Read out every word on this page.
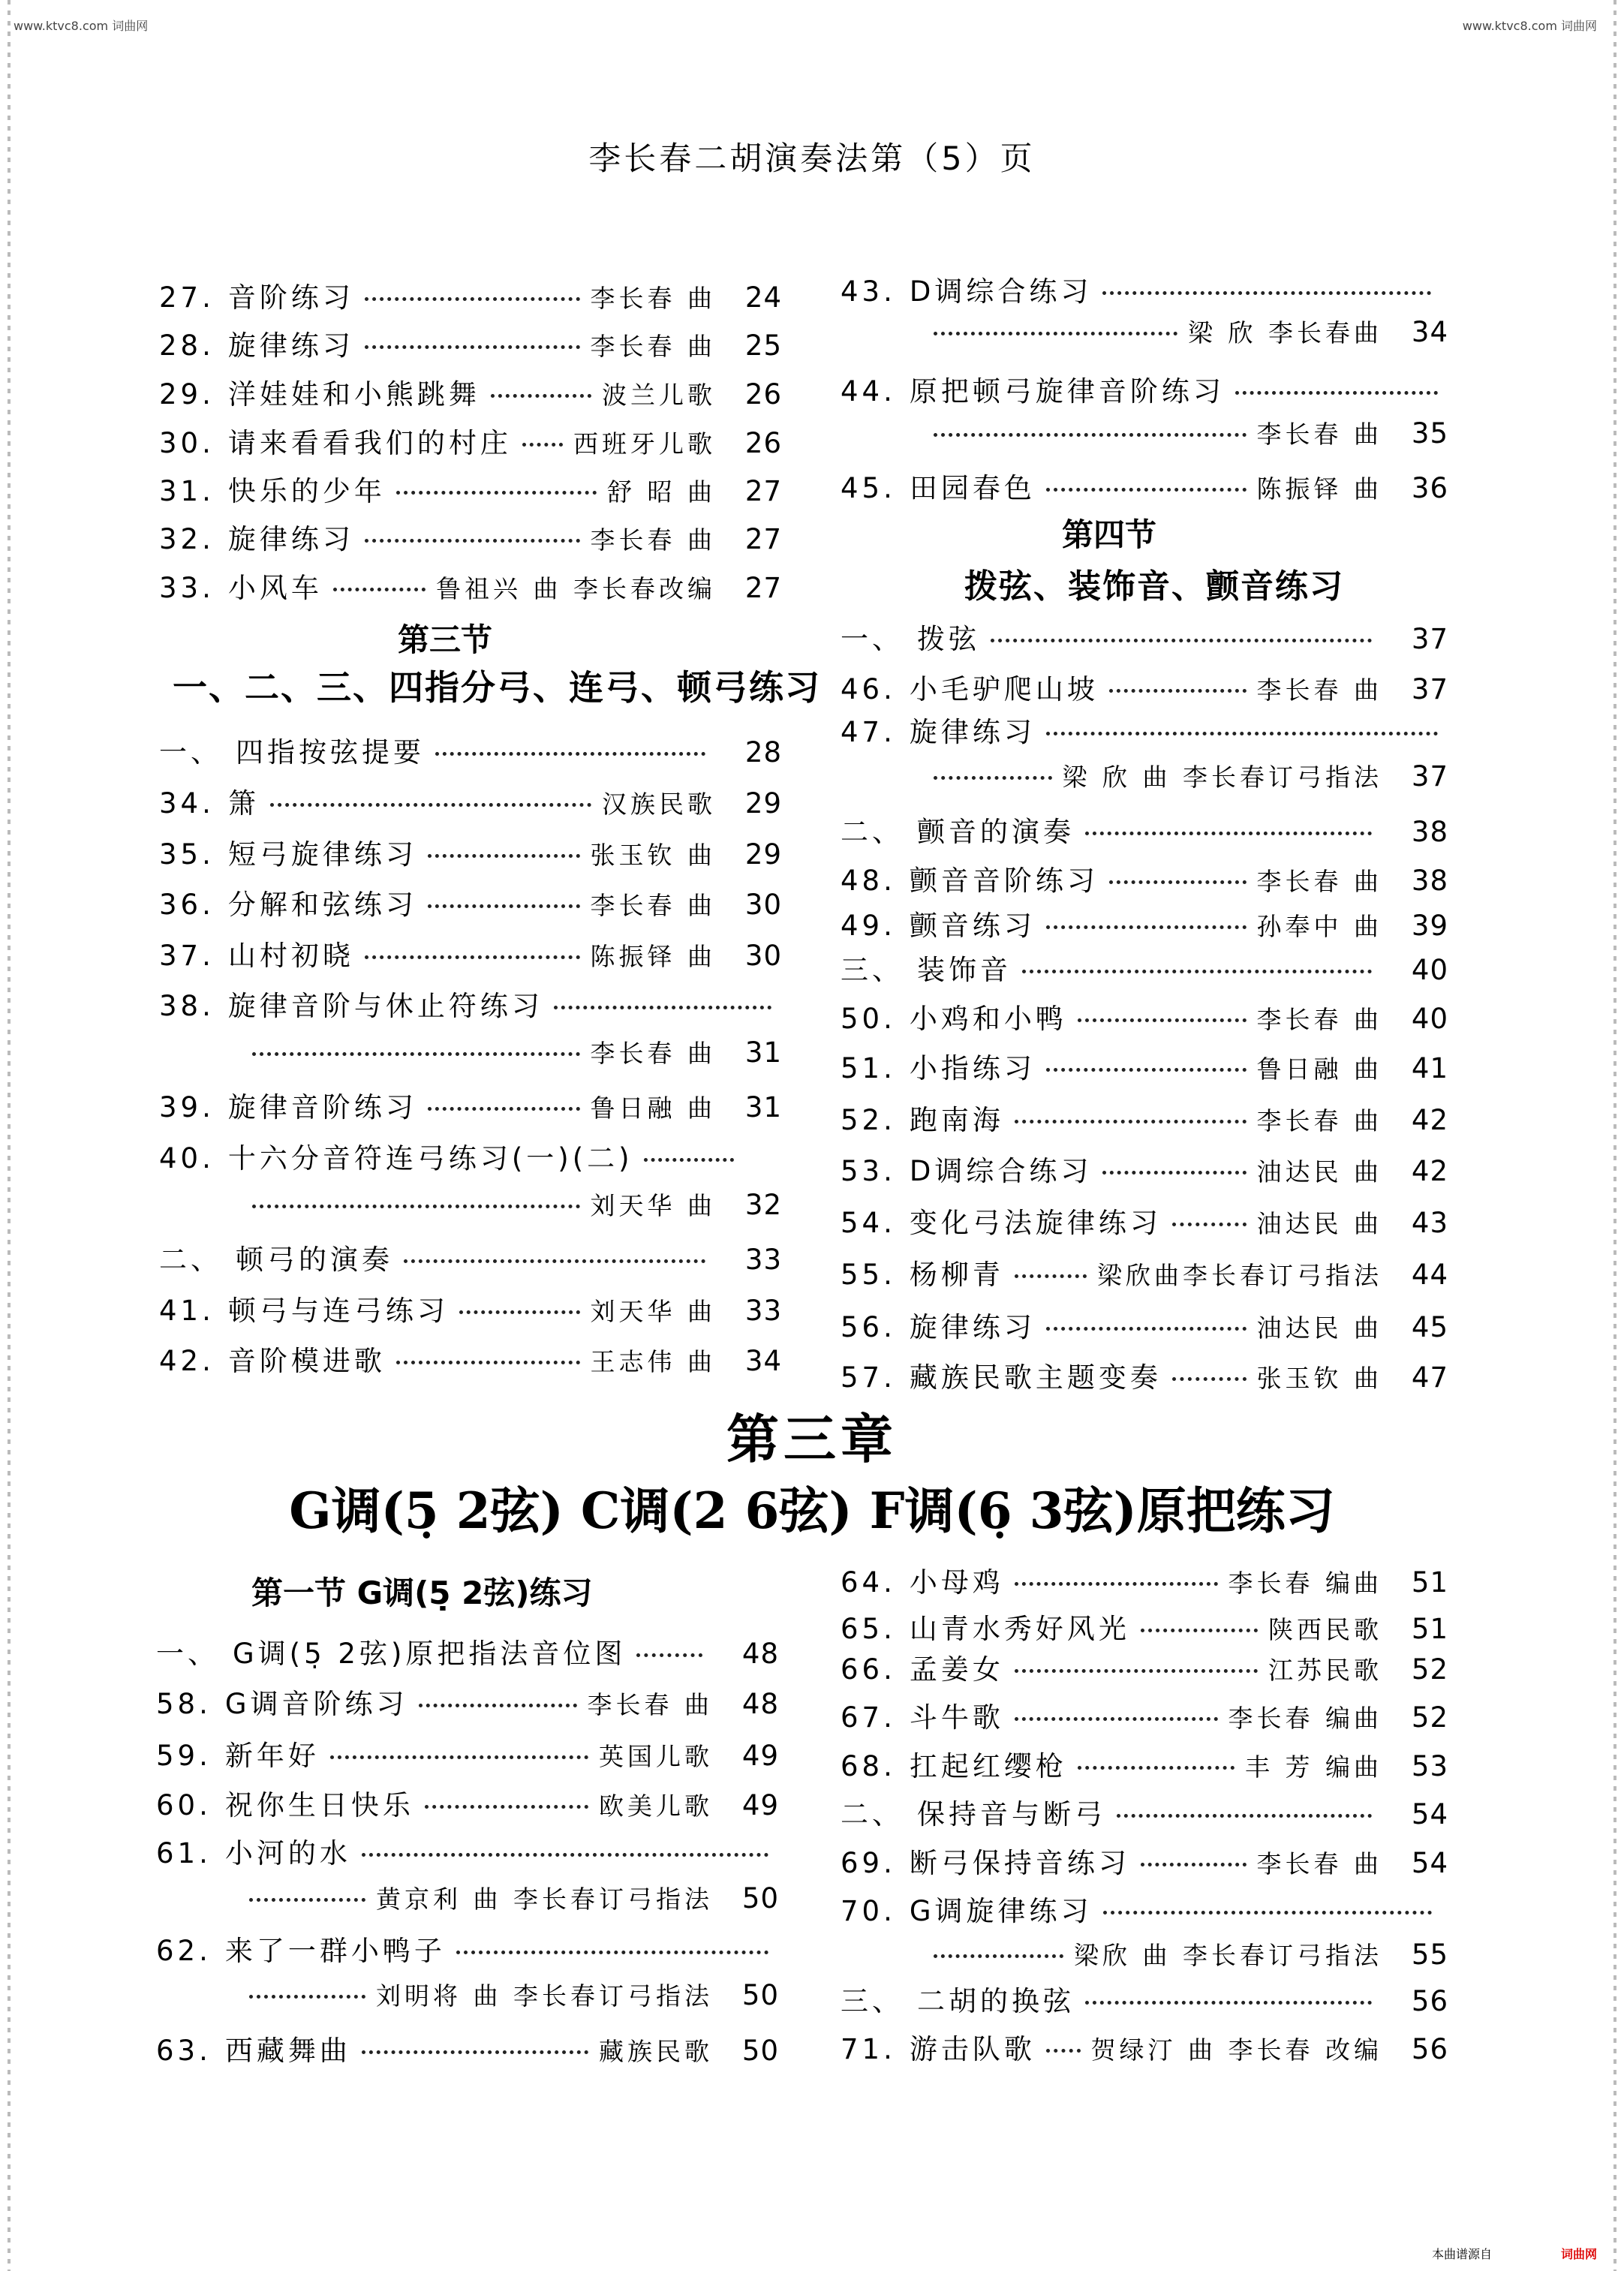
www.ktvc8.com 词曲网	www.ktvc8.com 词曲网
李长春二胡演奏法第（5）页
27. 音阶练习	李长春 曲	24
28. 旋律练习	李长春 曲	25
29. 洋娃娃和小熊跳舞	波兰儿歌	26
30. 请来看看我们的村庄 西班牙儿歌	26
31. 快乐的少年	舒 昭 曲	27
32. 旋律练习	李长春 曲	27
33. 小风车	鲁祖兴 曲 李长春改编	27
第三节
一、二、三、四指分弓、连弓、顿弓练习
一、 四指按弦提要	28
34. 箫	汉族民歌	29
35. 短弓旋律练习	张玉钦 曲	29
36. 分解和弦练习	李长春 曲	30
37. 山村初晓	陈振铎 曲	30
38. 旋律音阶与休止符练习
李长春 曲	31
39. 旋律音阶练习	鲁日融 曲	31
40. 十六分音符连弓练习(一)(二)
刘天华 曲	32
二、 顿弓的演奏	33
41. 顿弓与连弓练习	刘天华 曲	33
42. 音阶模进歌	王志伟 曲	34
43. D调综合练习
梁 欣 李长春曲	34
44. 原把顿弓旋律音阶练习
李长春 曲	35
45. 田园春色	陈振铎 曲	36
第四节
拨弦、装饰音、颤音练习
一、 拨弦	37
46. 小毛驴爬山坡	李长春 曲	37
47. 旋律练习
梁 欣 曲 李长春订弓指法	37
二、 颤音的演奏	38
48. 颤音音阶练习	李长春 曲	38
49. 颤音练习	孙奉中 曲	39
三、 装饰音	40
50. 小鸡和小鸭	李长春 曲	40
51. 小指练习	鲁日融 曲	41
52. 跑南海	李长春 曲	42
53. D调综合练习	油达民 曲	42
54. 变化弓法旋律练习	油达民 曲	43
55. 杨柳青	梁欣曲李长春订弓指法	44
56. 旋律练习	油达民 曲	45
57. 藏族民歌主题变奏	张玉钦 曲	47
第三章
G调(5̣ 2弦) C调(2 6弦) F调(6̣ 3弦)原把练习
第一节 G调(5̣ 2弦)练习
一、 G调(5̣ 2弦)原把指法音位图	48
58. G调音阶练习	李长春 曲	48
59. 新年好	英国儿歌	49
60. 祝你生日快乐	欧美儿歌	49
61. 小河的水
黄京利 曲 李长春订弓指法	50
62. 来了一群小鸭子
刘明将 曲 李长春订弓指法	50
63. 西藏舞曲	藏族民歌	50
64. 小母鸡	李长春 编曲	51
65. 山青水秀好风光	陕西民歌	51
66. 孟姜女	江苏民歌	52
67. 斗牛歌	李长春 编曲	52
68. 扛起红缨枪	丰 芳 编曲	53
二、 保持音与断弓	54
69. 断弓保持音练习	李长春 曲	54
70. G调旋律练习
梁欣 曲 李长春订弓指法	55
三、 二胡的换弦	56
71. 游击队歌 贺绿汀 曲 李长春 改编	56
本曲谱源自	词曲网
